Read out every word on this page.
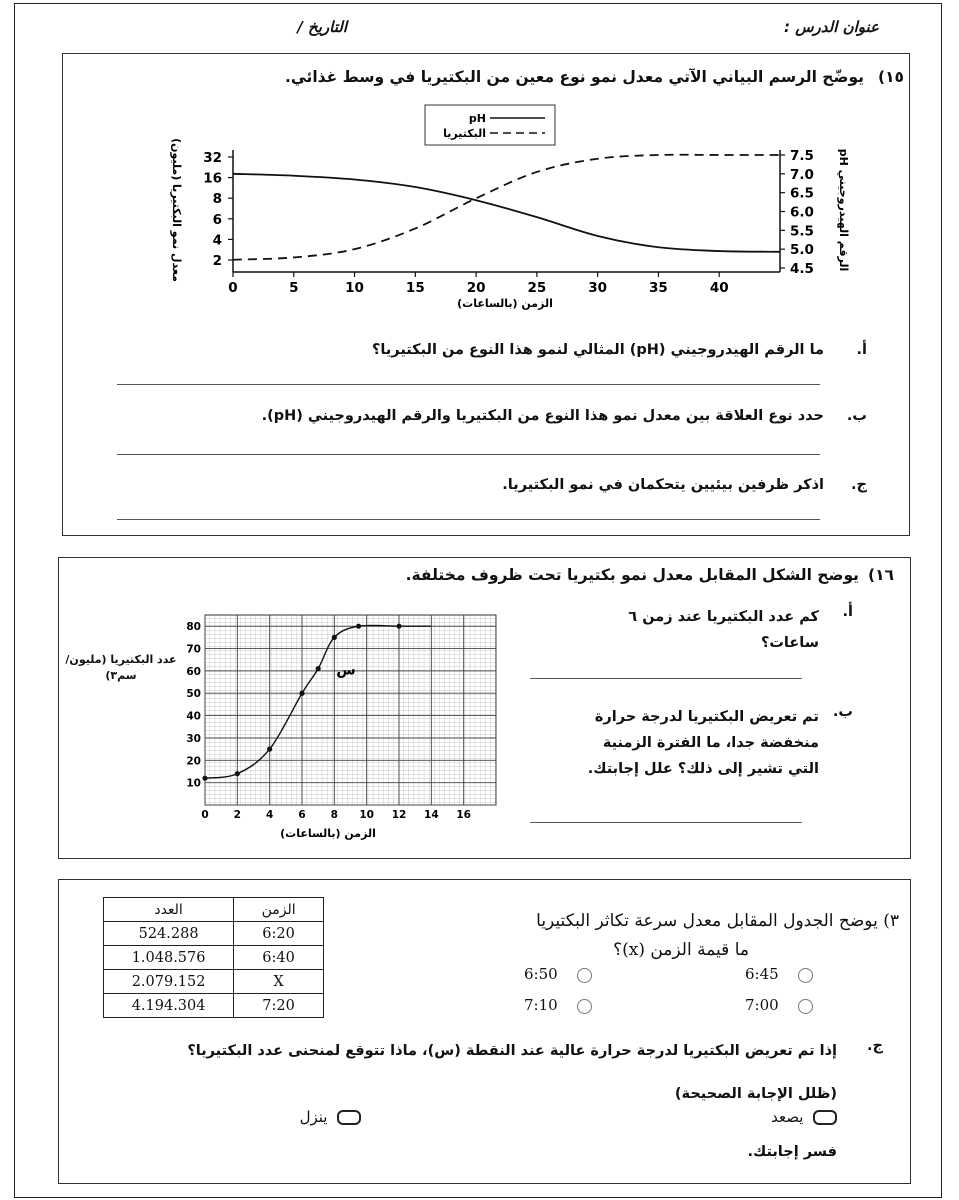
عنوان الدرس :
التاريخ /
١٥)
يوضّح الرسم البياني الآتي معدل نمو نوع معين من البكتيريا في وسط غذائي.
pH
البكتيريا
0	5	10	15	20	25	30	35	40
32
16
8
6
4
2
7.5
7.0
6.5
6.0
5.5
5.0
4.5
الزمن (بالساعات)
معدل نمو البكتيريا (مليون)	الرقم الهيدروجيني pH
أ.
ما الرقم الهيدروجيني (pH) المثالي لنمو هذا النوع من البكتيريا؟
ب.
حدد نوع العلاقة بين معدل نمو هذا النوع من البكتيريا والرقم الهيدروجيني (pH).
ج.
اذكر ظرفين بيئيين يتحكمان في نمو البكتيريا.
١٦)
يوضح الشكل المقابل معدل نمو بكتيريا تحت ظروف مختلفة.
0 2 4 6 8 10 12 14 16
10
20
30
40
50
60
70
80
س
الزمن (بالساعات)
عدد البكتيريا (مليون/سم٣)
أ.
كم عدد البكتيريا عند زمن ٦ ساعات؟
ب.
تم تعريض البكتيريا لدرجة حرارة منخفضة جدا، ما الفترة الزمنية التي تشير إلى ذلك؟ علل إجابتك.
العدد	الزمن
524.288	6:20
1.048.576	6:40
2.079.152	X
4.194.304	7:20
٣) يوضح الجدول المقابل معدل سرعة تكاثر البكتيريا
ما قيمة الزمن (x)؟
6:45
6:50
7:00
7:10
ج.
إذا تم تعريض البكتيريا لدرجة حرارة عالية عند النقطة (س)، ماذا تتوقع لمنحنى عدد البكتيريا؟
(ظلل الإجابة الصحيحة)
يصعد
ينزل
فسر إجابتك.
